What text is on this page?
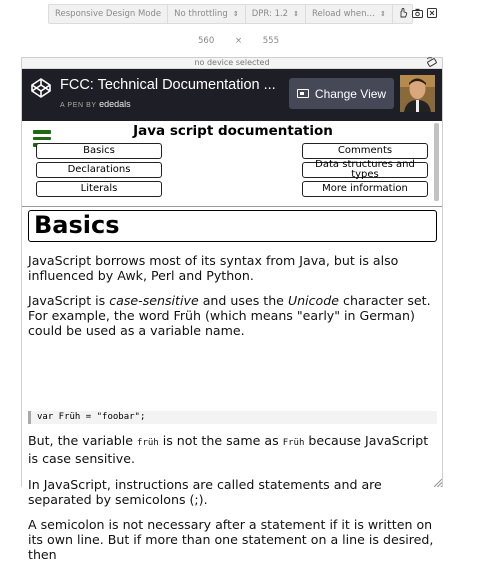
Responsive Design Mode	No throttling ⇕ DPR: 1.2 ⇕ Reload when… ⇕
560 × 555
no device selected
FCC: Technical Documentation ...
A PEN BY ededals
Change View
Java script documentation
Basics	Comments
Declarations	Data structures and types
Literals	More information
Basics

JavaScript borrows most of its syntax from Java, but is also influenced by Awk, Perl and Python.

JavaScript is case-sensitive and uses the Unicode character set. For example, the word Früh (which means "early" in German) could be used as a variable name.

var Früh = "foobar";

But, the variable früh is not the same as Früh because JavaScript is case sensitive.

In JavaScript, instructions are called statements and are separated by semicolons (;).

A semicolon is not necessary after a statement if it is written on its own line. But if more than one statement on a line is desired, then
